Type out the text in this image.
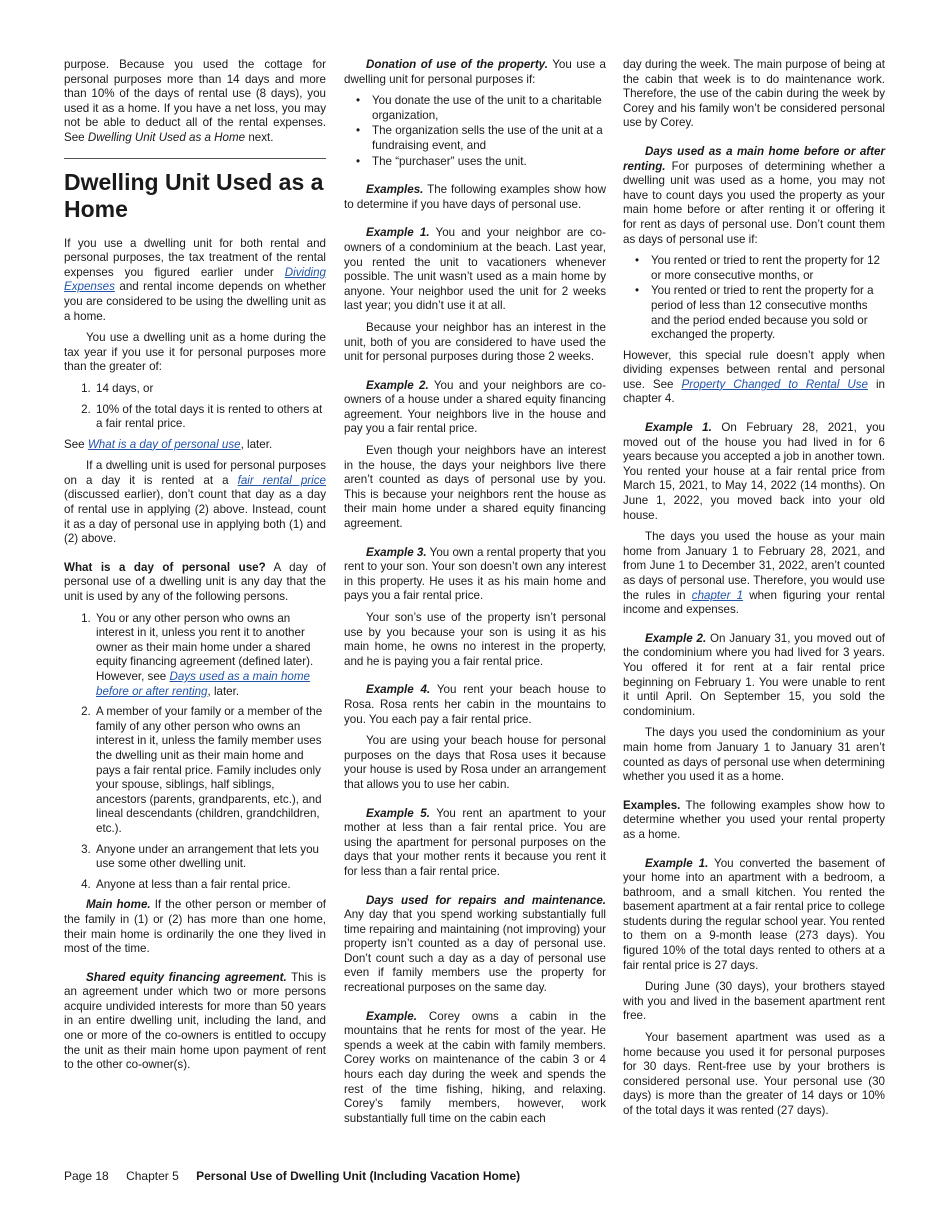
purpose. Because you used the cottage for personal purposes more than 14 days and more than 10% of the days of rental use (8 days), you used it as a home. If you have a net loss, you may not be able to deduct all of the rental expenses. See Dwelling Unit Used as a Home next.

Dwelling Unit Used as a Home

If you use a dwelling unit for both rental and personal purposes, the tax treatment of the rental expenses you figured earlier under Dividing Expenses and rental income depends on whether you are considered to be using the dwelling unit as a home.

You use a dwelling unit as a home during the tax year if you use it for personal purposes more than the greater of:

1. 14 days, or
2. 10% of the total days it is rented to others at a fair rental price.

See What is a day of personal use, later.

If a dwelling unit is used for personal purposes on a day it is rented at a fair rental price (discussed earlier), don’t count that day as a day of rental use in applying (2) above. Instead, count it as a day of personal use in applying both (1) and (2) above.

What is a day of personal use? A day of personal use of a dwelling unit is any day that the unit is used by any of the following persons.

1. You or any other person who owns an interest in it, unless you rent it to another owner as their main home under a shared equity financing agreement (defined later). However, see Days used as a main home before or after renting, later.
2. A member of your family or a member of the family of any other person who owns an interest in it, unless the family member uses the dwelling unit as their main home and pays a fair rental price. Family includes only your spouse, siblings, half siblings, ancestors (parents, grandparents, etc.), and lineal descendants (children, grandchildren, etc.).
3. Anyone under an arrangement that lets you use some other dwelling unit.
4. Anyone at less than a fair rental price.

Main home. If the other person or member of the family in (1) or (2) has more than one home, their main home is ordinarily the one they lived in most of the time.

Shared equity financing agreement. This is an agreement under which two or more persons acquire undivided interests for more than 50 years in an entire dwelling unit, including the land, and one or more of the co-owners is entitled to occupy the unit as their main home upon payment of rent to the other co-owner(s).

Donation of use of the property. You use a dwelling unit for personal purposes if:

• You donate the use of the unit to a charitable organization,
• The organization sells the use of the unit at a fundraising event, and
• The “purchaser” uses the unit.

Examples. The following examples show how to determine if you have days of personal use.

Example 1. You and your neighbor are co-owners of a condominium at the beach. Last year, you rented the unit to vacationers whenever possible. The unit wasn’t used as a main home by anyone. Your neighbor used the unit for 2 weeks last year; you didn’t use it at all.

Because your neighbor has an interest in the unit, both of you are considered to have used the unit for personal purposes during those 2 weeks.

Example 2. You and your neighbors are co-owners of a house under a shared equity financing agreement. Your neighbors live in the house and pay you a fair rental price.

Even though your neighbors have an interest in the house, the days your neighbors live there aren’t counted as days of personal use by you. This is because your neighbors rent the house as their main home under a shared equity financing agreement.

Example 3. You own a rental property that you rent to your son. Your son doesn’t own any interest in this property. He uses it as his main home and pays you a fair rental price.

Your son’s use of the property isn’t personal use by you because your son is using it as his main home, he owns no interest in the property, and he is paying you a fair rental price.

Example 4. You rent your beach house to Rosa. Rosa rents her cabin in the mountains to you. You each pay a fair rental price.

You are using your beach house for personal purposes on the days that Rosa uses it because your house is used by Rosa under an arrangement that allows you to use her cabin.

Example 5. You rent an apartment to your mother at less than a fair rental price. You are using the apartment for personal purposes on the days that your mother rents it because you rent it for less than a fair rental price.

Days used for repairs and maintenance. Any day that you spend working substantially full time repairing and maintaining (not improving) your property isn’t counted as a day of personal use. Don’t count such a day as a day of personal use even if family members use the property for recreational purposes on the same day.

Example. Corey owns a cabin in the mountains that he rents for most of the year. He spends a week at the cabin with family members. Corey works on maintenance of the cabin 3 or 4 hours each day during the week and spends the rest of the time fishing, hiking, and relaxing. Corey’s family members, however, work substantially full time on the cabin each

day during the week. The main purpose of being at the cabin that week is to do maintenance work. Therefore, the use of the cabin during the week by Corey and his family won’t be considered personal use by Corey.

Days used as a main home before or after renting. For purposes of determining whether a dwelling unit was used as a home, you may not have to count days you used the property as your main home before or after renting it or offering it for rent as days of personal use. Don’t count them as days of personal use if:

• You rented or tried to rent the property for 12 or more consecutive months, or
• You rented or tried to rent the property for a period of less than 12 consecutive months and the period ended because you sold or exchanged the property.

However, this special rule doesn’t apply when dividing expenses between rental and personal use. See Property Changed to Rental Use in chapter 4.

Example 1. On February 28, 2021, you moved out of the house you had lived in for 6 years because you accepted a job in another town. You rented your house at a fair rental price from March 15, 2021, to May 14, 2022 (14 months). On June 1, 2022, you moved back into your old house.

The days you used the house as your main home from January 1 to February 28, 2021, and from June 1 to December 31, 2022, aren’t counted as days of personal use. Therefore, you would use the rules in chapter 1 when figuring your rental income and expenses.

Example 2. On January 31, you moved out of the condominium where you had lived for 3 years. You offered it for rent at a fair rental price beginning on February 1. You were unable to rent it until April. On September 15, you sold the condominium.

The days you used the condominium as your main home from January 1 to January 31 aren’t counted as days of personal use when determining whether you used it as a home.

Examples. The following examples show how to determine whether you used your rental property as a home.

Example 1. You converted the basement of your home into an apartment with a bedroom, a bathroom, and a small kitchen. You rented the basement apartment at a fair rental price to college students during the regular school year. You rented to them on a 9-month lease (273 days). You figured 10% of the total days rented to others at a fair rental price is 27 days.

During June (30 days), your brothers stayed with you and lived in the basement apartment rent free.

Your basement apartment was used as a home because you used it for personal purposes for 30 days. Rent-free use by your brothers is considered personal use. Your personal use (30 days) is more than the greater of 14 days or 10% of the total days it was rented (27 days).

Page 18 Chapter 5 Personal Use of Dwelling Unit (Including Vacation Home)
